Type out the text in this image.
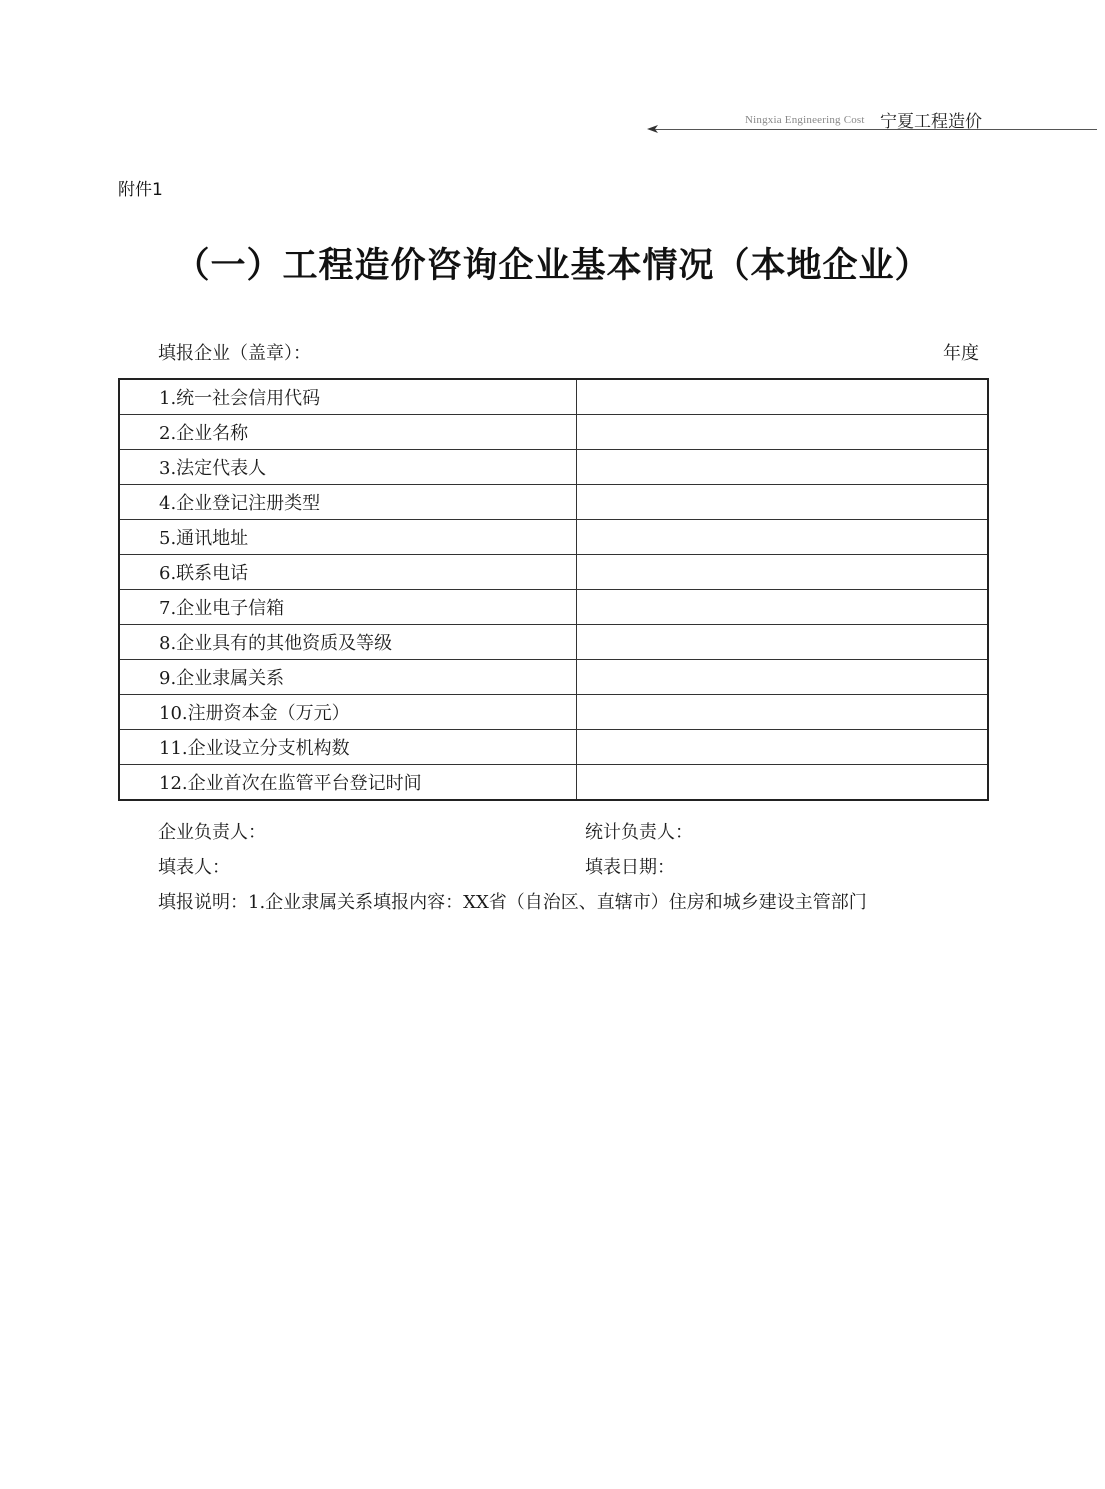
Ningxia Engineering Cost 宁夏工程造价
附件1
（一）工程造价咨询企业基本情况（本地企业）
填报企业（盖章）：	年度
1.统一社会信用代码	
2.企业名称	
3.法定代表人	
4.企业登记注册类型	
5.通讯地址	
6.联系电话	
7.企业电子信箱	
8.企业具有的其他资质及等级	
9.企业隶属关系	
10.注册资本金（万元）	
11.企业设立分支机构数	
12.企业首次在监管平台登记时间	
企业负责人：	统计负责人：
填表人：	填表日期：
填报说明：1.企业隶属关系填报内容：XX省（自治区、直辖市）住房和城乡建设主管部门
